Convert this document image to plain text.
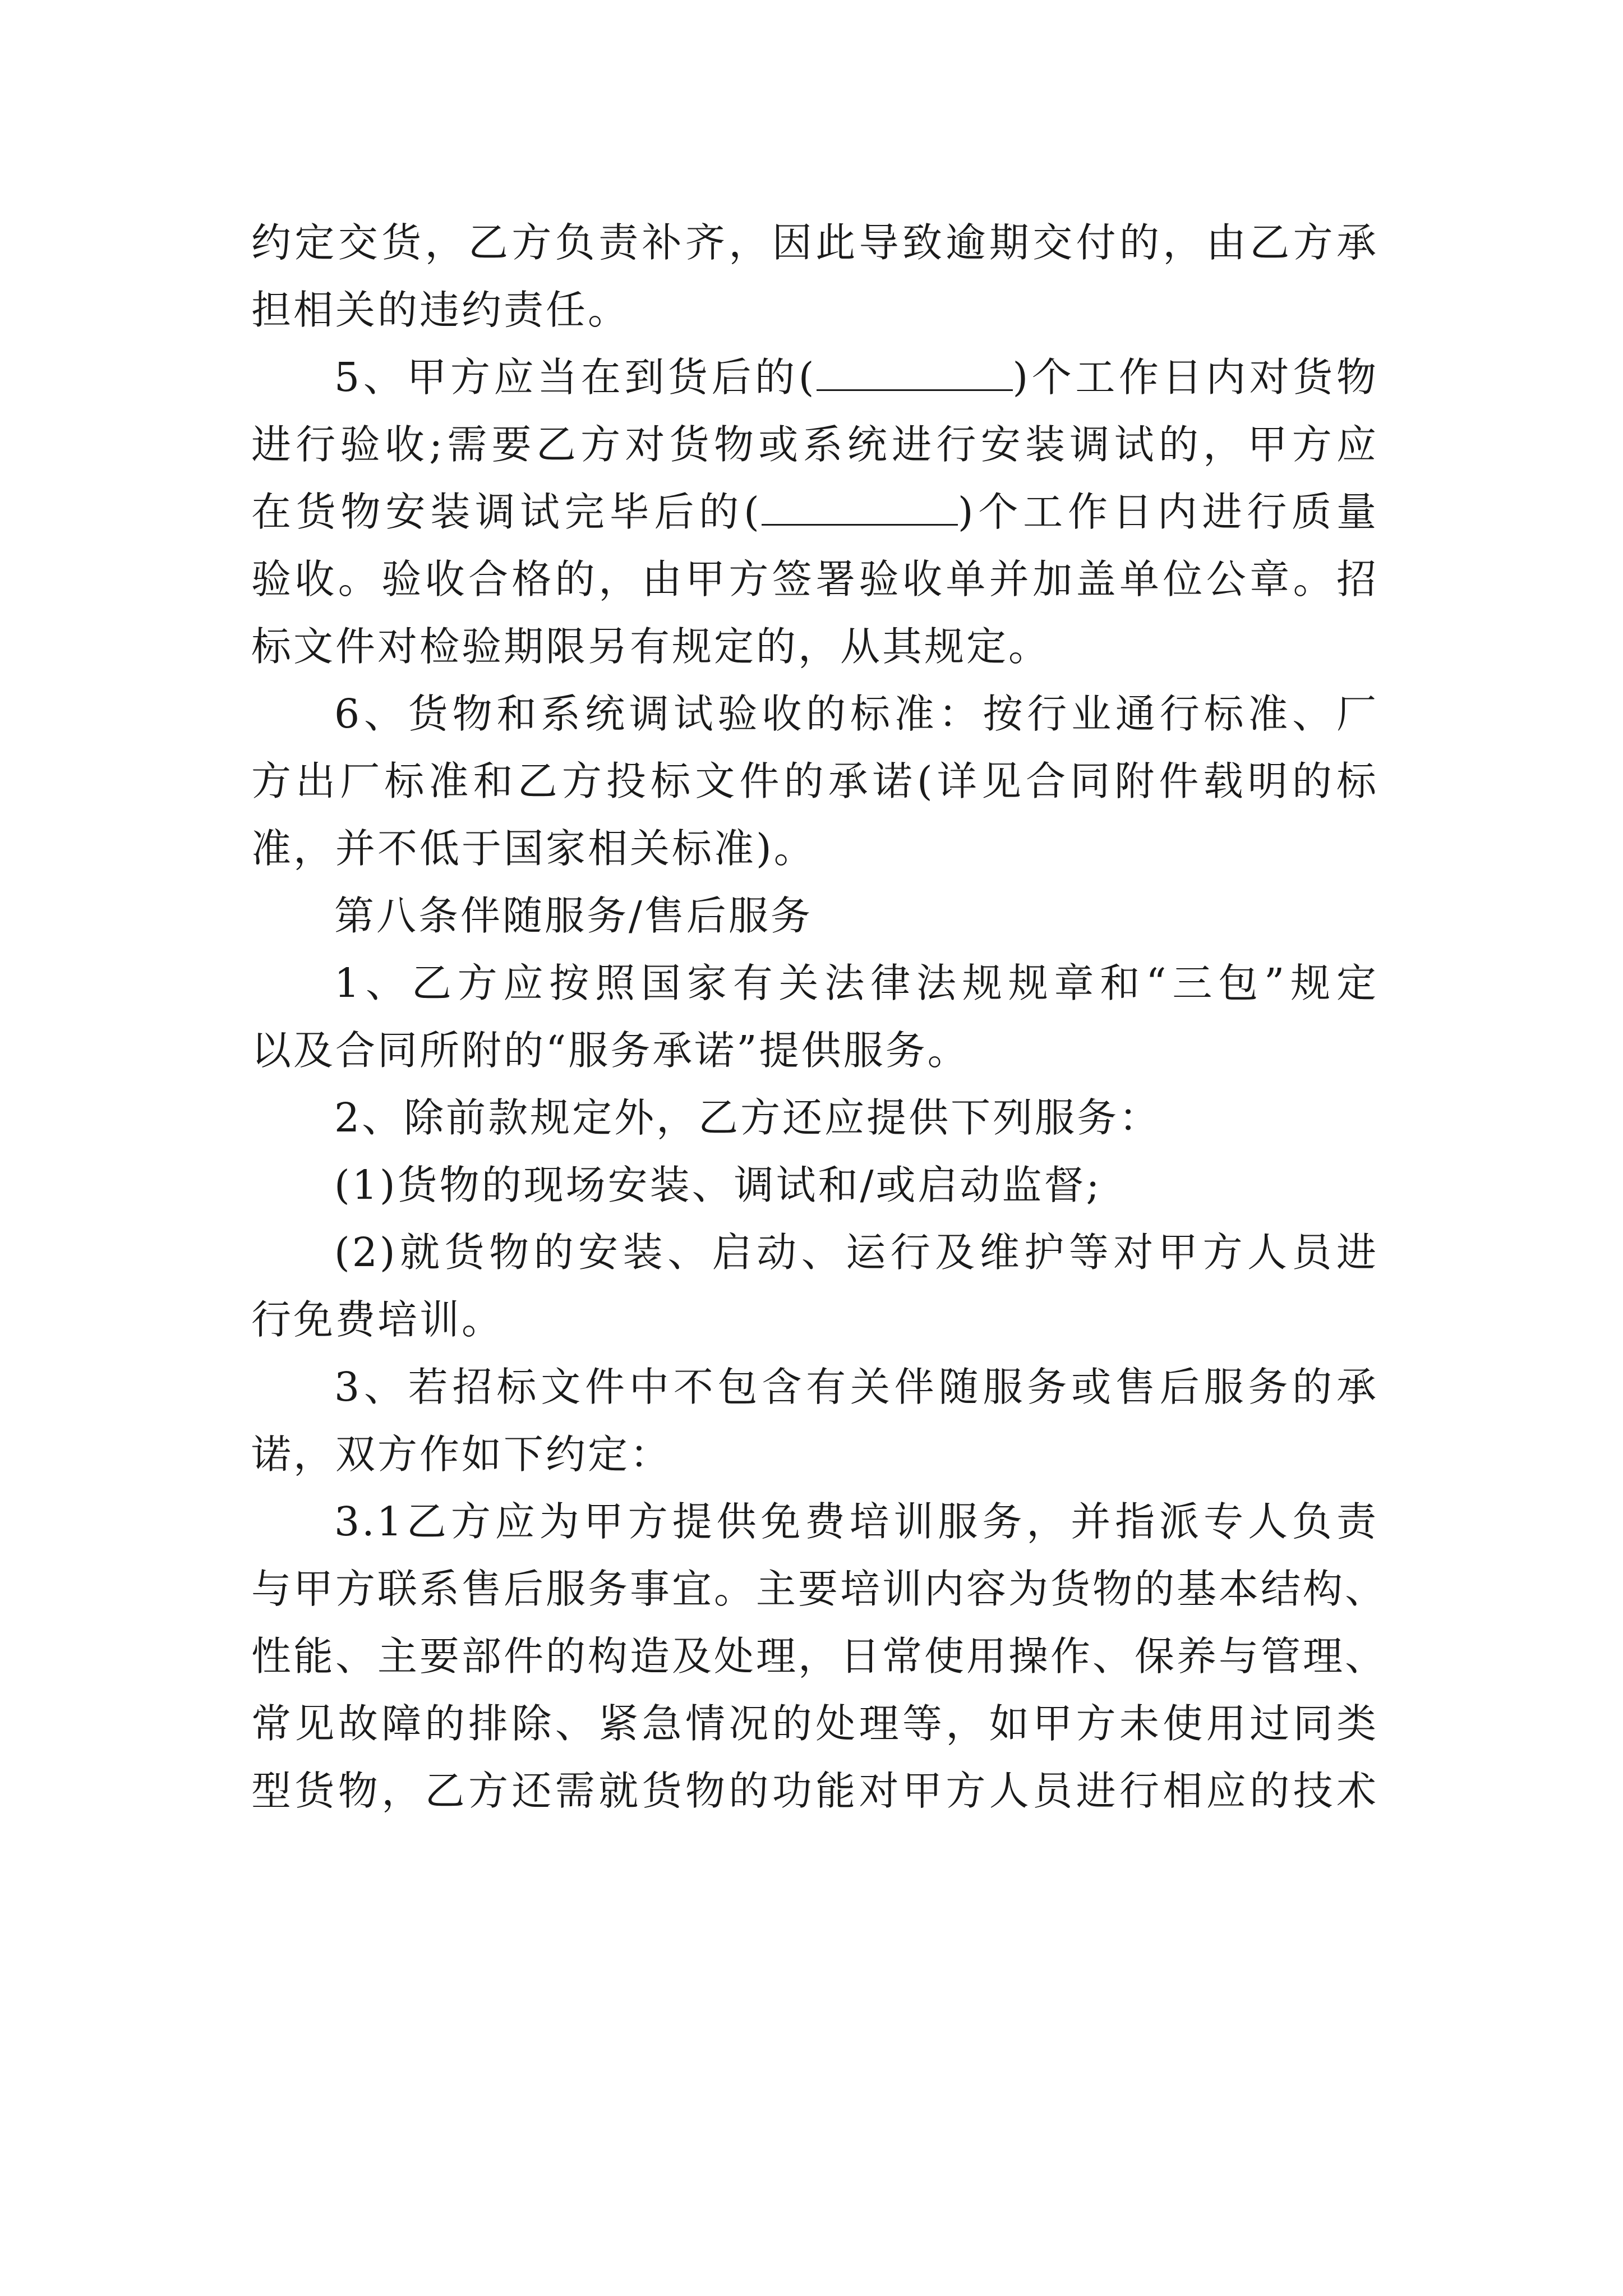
约定交货，乙方负责补齐，因此导致逾期交付的，由乙方承
担相关的违约责任。
5、甲方应当在到货后的(	)个工作日内对货物
进行验收;需要乙方对货物或系统进行安装调试的，甲方应
在货物安装调试完毕后的(	)个工作日内进行质量
验收。验收合格的，由甲方签署验收单并加盖单位公章。招
标文件对检验期限另有规定的，从其规定。
6、货物和系统调试验收的标准：按行业通行标准、厂
方出厂标准和乙方投标文件的承诺(详见合同附件载明的标
准，并不低于国家相关标准)。
第八条伴随服务/售后服务
1、乙方应按照国家有关法律法规规章和“三包”规定
以及合同所附的“服务承诺”提供服务。
2、除前款规定外，乙方还应提供下列服务：
(1)货物的现场安装、调试和/或启动监督;
(2)就货物的安装、启动、运行及维护等对甲方人员进
行免费培训。
3、若招标文件中不包含有关伴随服务或售后服务的承
诺，双方作如下约定：
3.1乙方应为甲方提供免费培训服务，并指派专人负责
与甲方联系售后服务事宜。主要培训内容为货物的基本结构、
性能、主要部件的构造及处理，日常使用操作、保养与管理、
常见故障的排除、紧急情况的处理等，如甲方未使用过同类
型货物，乙方还需就货物的功能对甲方人员进行相应的技术
